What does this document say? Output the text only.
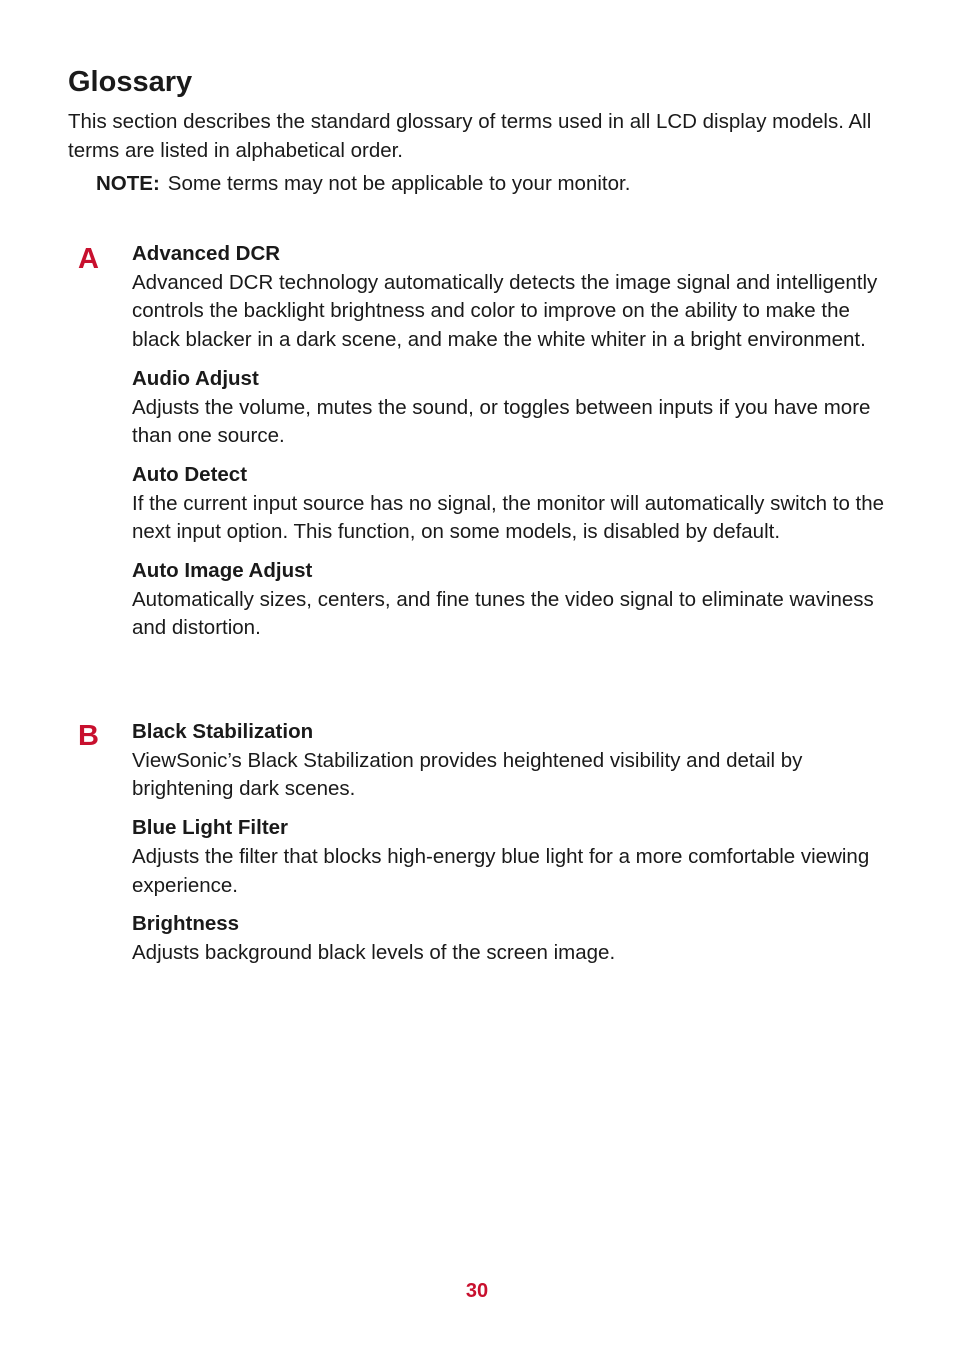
Glossary

This section describes the standard glossary of terms used in all LCD display models. All terms are listed in alphabetical order.

NOTE: Some terms may not be applicable to your monitor.

A Advanced DCR

Advanced DCR technology automatically detects the image signal and intelligently controls the backlight brightness and color to improve on the ability to make the black blacker in a dark scene, and make the white whiter in a bright environment.

Audio Adjust

Adjusts the volume, mutes the sound, or toggles between inputs if you have more than one source.

Auto Detect

If the current input source has no signal, the monitor will automatically switch to the next input option. This function, on some models, is disabled by default.

Auto Image Adjust

Automatically sizes, centers, and fine tunes the video signal to eliminate waviness and distortion.

B Black Stabilization

ViewSonic’s Black Stabilization provides heightened visibility and detail by brightening dark scenes.

Blue Light Filter

Adjusts the filter that blocks high-energy blue light for a more comfortable viewing experience.

Brightness

Adjusts background black levels of the screen image.

30
